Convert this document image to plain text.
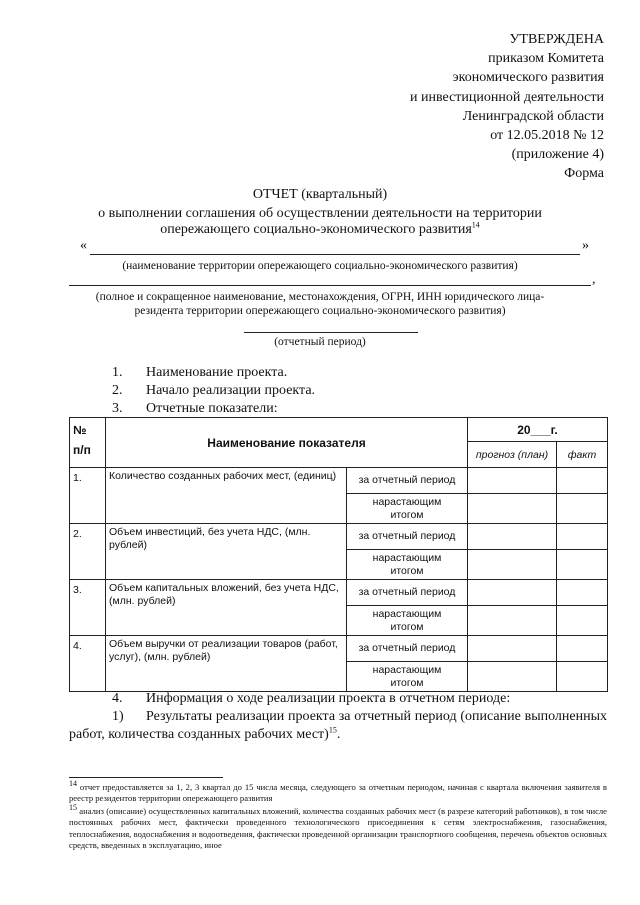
УТВЕРЖДЕНА
приказом Комитета
экономического развития
и инвестиционной деятельности
Ленинградской области
от 12.05.2018 № 12
(приложение 4)
Форма
ОТЧЕТ (квартальный)
о выполнении соглашения об осуществлении деятельности на территории
опережающего социально-экономического развития$^{14}$
«	»
(наименование территории опережающего социально-экономического развития)
,
(полное и сокращенное наименование, местонахождения, ОГРН, ИНН юридического лица-
резидента территории опережающего социально-экономического развития)
(отчетный период)
1. Наименование проекта.
2. Начало реализации проекта.
3. Отчетные показатели:
№
п/п	Наименование показателя		20___г.	
			прогноз (план)	факт
1.	Количество созданных рабочих мест, (единиц)	за отчетный период		
		нарастающим
итогом		
2.	Объем инвестиций, без учета НДС, (млн. рублей)	за отчетный период		
		нарастающим
итогом		
3.	Объем капитальных вложений, без учета НДС, (млн. рублей)	за отчетный период		
		нарастающим
итогом		
4.	Объем выручки от реализации товаров (работ, услуг), (млн. рублей)	за отчетный период		
		нарастающим
итогом		
4. Информация о ходе реализации проекта в отчетном периоде:
1) Результаты реализации проекта за отчетный период (описание выполненных работ, количества созданных рабочих мест)$^{15}$.
$^{14}$ отчет предоставляется за 1, 2, 3 квартал до 15 числа месяца, следующего за отчетным периодом, начиная с квартала включения заявителя в реестр резидентов территории опережающего развития
$^{15}$ анализ (описание) осуществленных капитальных вложений, количества созданных рабочих мест (в разрезе категорий работников), в том числе постоянных рабочих мест, фактически проведенного технологического присоединения к сетям электроснабжения, газоснабжения, теплоснабжения, водоснабжения и водоотведения, фактически проведенной организации транспортного сообщения, перечень объектов основных средств, введенных в эксплуатацию, иное
